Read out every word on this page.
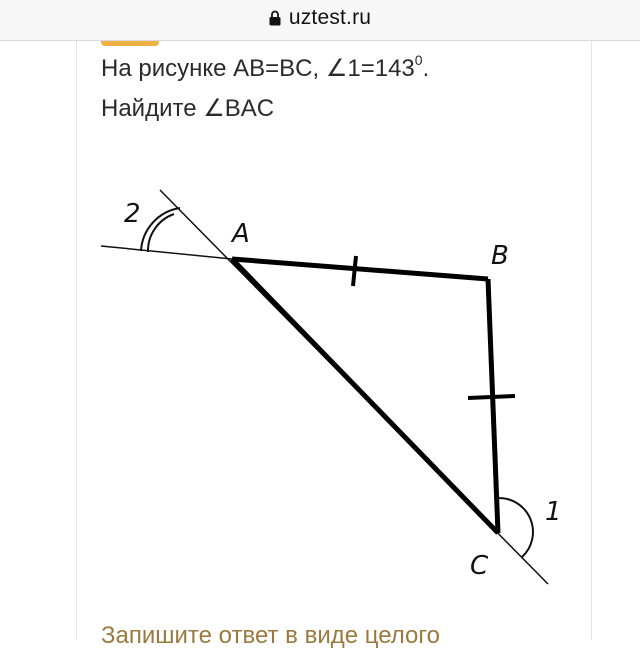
uztest.ru
На рисунке AB=BC, $\angle 1=143^0$.
Найдите ∠BAC
A
B
C
1
2
Запишите ответ в виде целого
